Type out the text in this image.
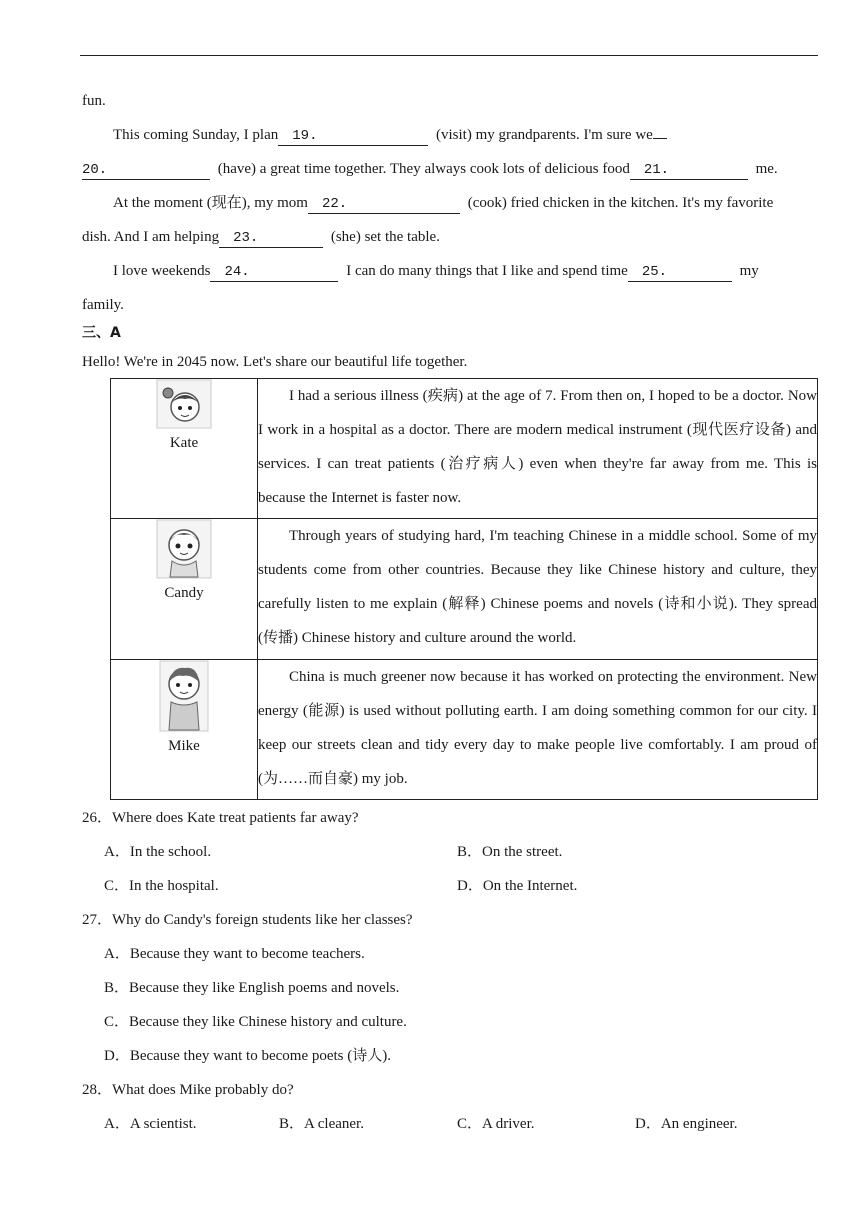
fun.
This coming Sunday, I plan 19.	(visit) my grandparents. I'm sure we
20.	(have) a great time together. They always cook lots of delicious food 21.	me.
At the moment (现在), my mom 22.	(cook) fried chicken in the kitchen. It's my favorite
dish. And I am helping 23.	(she) set the table.
I love weekends 24.	I can do many things that I like and spend time 25.	my
family.
三、A
Hello! We're in 2045 now. Let's share our beautiful life together.
Kate	I had a serious illness (疾病) at the age of 7. From then on, I hoped to be a doctor. Now I work in a hospital as a doctor. There are modern medical instrument (现代医疗设备) and services. I can treat patients (治疗病人) even when they're far away from me. This is because the Internet is faster now.

Candy	Through years of studying hard, I'm teaching Chinese in a middle school. Some of my students come from other countries. Because they like Chinese history and culture, they carefully listen to me explain (解释) Chinese poems and novels (诗和小说). They spread (传播) Chinese history and culture around the world.

Mike	China is much greener now because it has worked on protecting the environment. New energy (能源) is used without polluting earth. I am doing something common for our city. I keep our streets clean and tidy every day to make people live comfortably. I am proud of (为……而自豪) my job.
26．Where does Kate treat patients far away?
A．In the school.	B．On the street.
C．In the hospital.	D．On the Internet.
27．Why do Candy's foreign students like her classes?
A．Because they want to become teachers.
B．Because they like English poems and novels.
C．Because they like Chinese history and culture.
D．Because they want to become poets (诗人).
28．What does Mike probably do?
A．A scientist.	B．A cleaner.	C．A driver.	D．An engineer.
